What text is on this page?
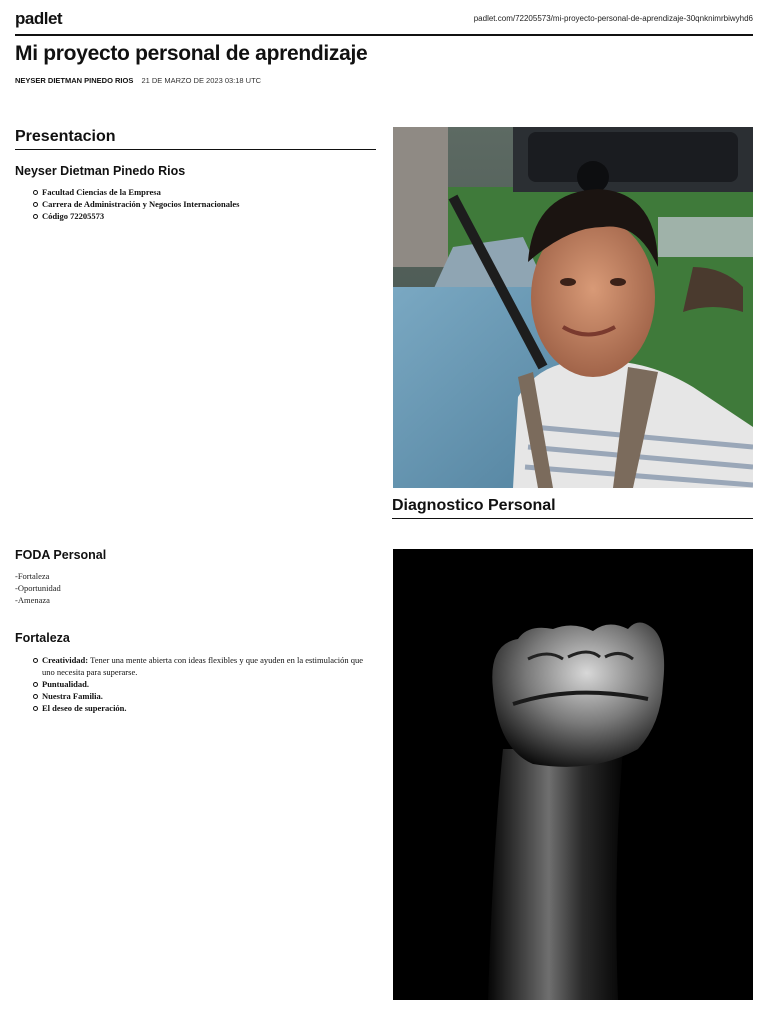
padlet	padlet.com/72205573/mi-proyecto-personal-de-aprendizaje-30qnknimrbiwyhd6
Mi proyecto personal de aprendizaje
NEYSER DIETMAN PINEDO RIOS 21 DE MARZO DE 2023 03:18 UTC
Presentacion
Neyser Dietman Pinedo Rios
Facultad Ciencias de la Empresa
Carrera de Administración y Negocios Internacionales
Código 72205573
Diagnostico Personal
FODA Personal
-Fortaleza
-Oportunidad
-Amenaza
Fortaleza
Creatividad: Tener una mente abierta con ideas flexibles y que ayuden en la estimulación que uno necesita para superarse.
Puntualidad.
Nuestra Familia.
El deseo de superación.
